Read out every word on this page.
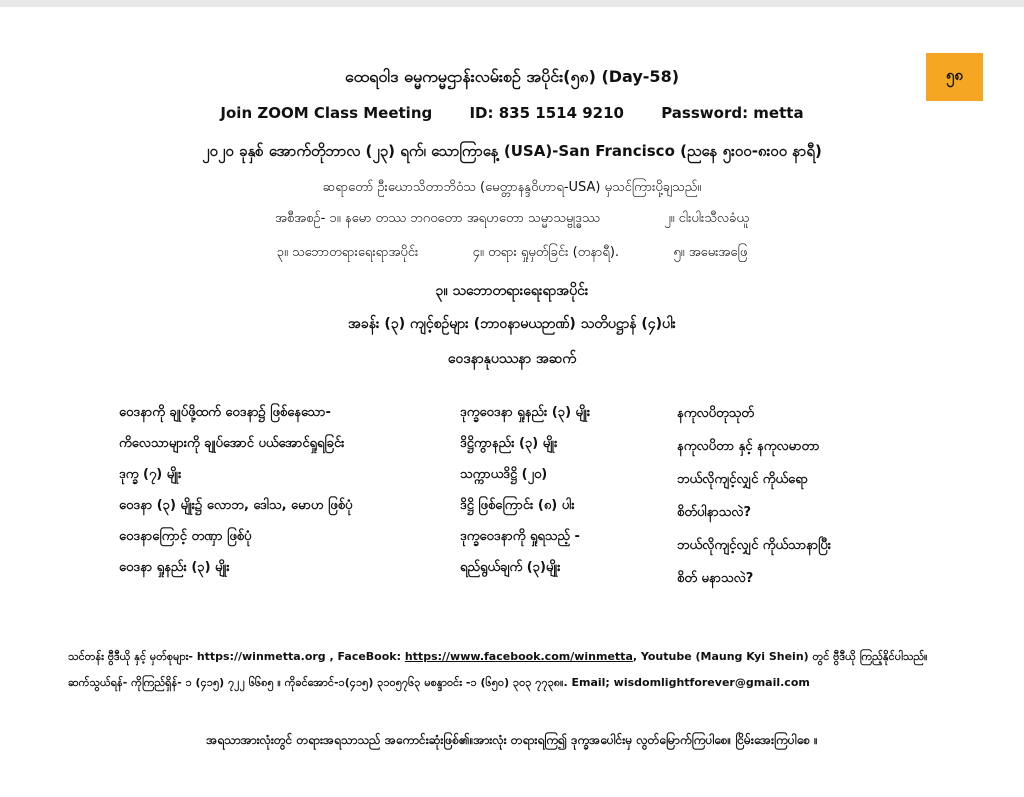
၅၈
ထေရဝါဒ ဓမ္မကမ္မဌာန်းလမ်းစဥ် အပိုင်း(၅၈) (Day-58)
Join ZOOM Class Meeting ID: 835 1514 9210 Password: metta
၂၀၂၀ ခုနှစ် အောက်တိုဘာလ (၂၃) ရက်၊ သောကြာနေ့ (USA)-San Francisco (ညနေ ၅း၀၀-၈း၀၀ နာရီ)
ဆရာတော် ဦးဃောသိတာဘိဝံသ (မေတ္တာနန္ဒဝိဟာရ-USA) မှသင်ကြားပို့ချသည်။
အစီအစဥ်- ၁။ နမော တဿ ဘဂဝတော အရဟတော သမ္မာသမ္ဗုဒ္ဓဿ	၂။ ငါးပါးသီလခံယူ
၃။ သဘောတရားရေးရာအပိုင်း	၄။ တရား ရှုမှတ်ခြင်း (တနာရီ).	၅။ အမေးအဖြေ
၃။ သဘောတရားရေးရာအပိုင်း
အခန်း (၃) ကျင့်စဥ်များ (ဘာဝနာမယဉာဏ်) သတိပဋ္ဌာန် (၄)ပါး
ဝေဒနာနုပဿနာ အဆက်
ဝေဒနာကို ချုပ်ဖို့ထက် ဝေဒနာ၌ ဖြစ်နေသော-
ကိလေသာများကို ချုပ်အောင် ပယ်အောင်ရှုရခြင်း
ဒုက္ခ (၇) မျိုး
ဝေဒနာ (၃) မျိုး၌ လောဘ, ဒေါသ, မောဟ ဖြစ်ပုံ
ဝေဒနာကြောင့် တဏှာ ဖြစ်ပုံ
ဝေဒနာ ရှုနည်း (၃) မျိုး
ဒုက္ခဝေဒနာ ရှုနည်း (၃) မျိုး
ဒိဋ္ဌိကွာနည်း (၃) မျိုး
သက္ကာယဒိဋ္ဌိ (၂၀)
ဒိဋ္ဌိ ဖြစ်ကြောင်း (၈) ပါး
ဒုက္ခဝေဒနာကို ရှုရသည့် -
ရည်ရွယ်ချက် (၃)မျိုး
နကုလပိတုသုတ်
နကုလပိတာ နှင့် နကုလမာတာ
ဘယ်လိုကျင့်လျှင် ကိုယ်ရော
စိတ်ပါနာသလဲ?
ဘယ်လိုကျင့်လျှင် ကိုယ်သာနာပြီး
စိတ် မနာသလဲ?
သင်တန်း ဗွီဒီယို နှင့် မှတ်စုများ- https://winmetta.org , FaceBook: https://www.facebook.com/winmetta, Youtube (Maung Kyi Shein) တွင် ဗွီဒီယို ကြည့်နိုင်ပါသည်။
ဆက်သွယ်ရန်- ကိုကြည်ရှိန်- ၁ (၄၁၅) ၇၂၂ ၆၆၈၅ ။ ကိုခင်အောင်-၁(၄၁၅) ၃၁၀၅၇၆၃ မစန္ဒာဝင်း -၁ (၆၅၀) ၃၀၃ ၇၇၃၈။. Email; wisdomlightforever@gmail.com
အရသာအားလုံးတွင် တရားအရသာသည် အကောင်းဆုံးဖြစ်၏။အားလုံး တရားရကြ၍ ဒုက္ခအပေါင်းမှ လွတ်မြောက်ကြပါစေ။ ငြိမ်းအေးကြပါစေ ။
